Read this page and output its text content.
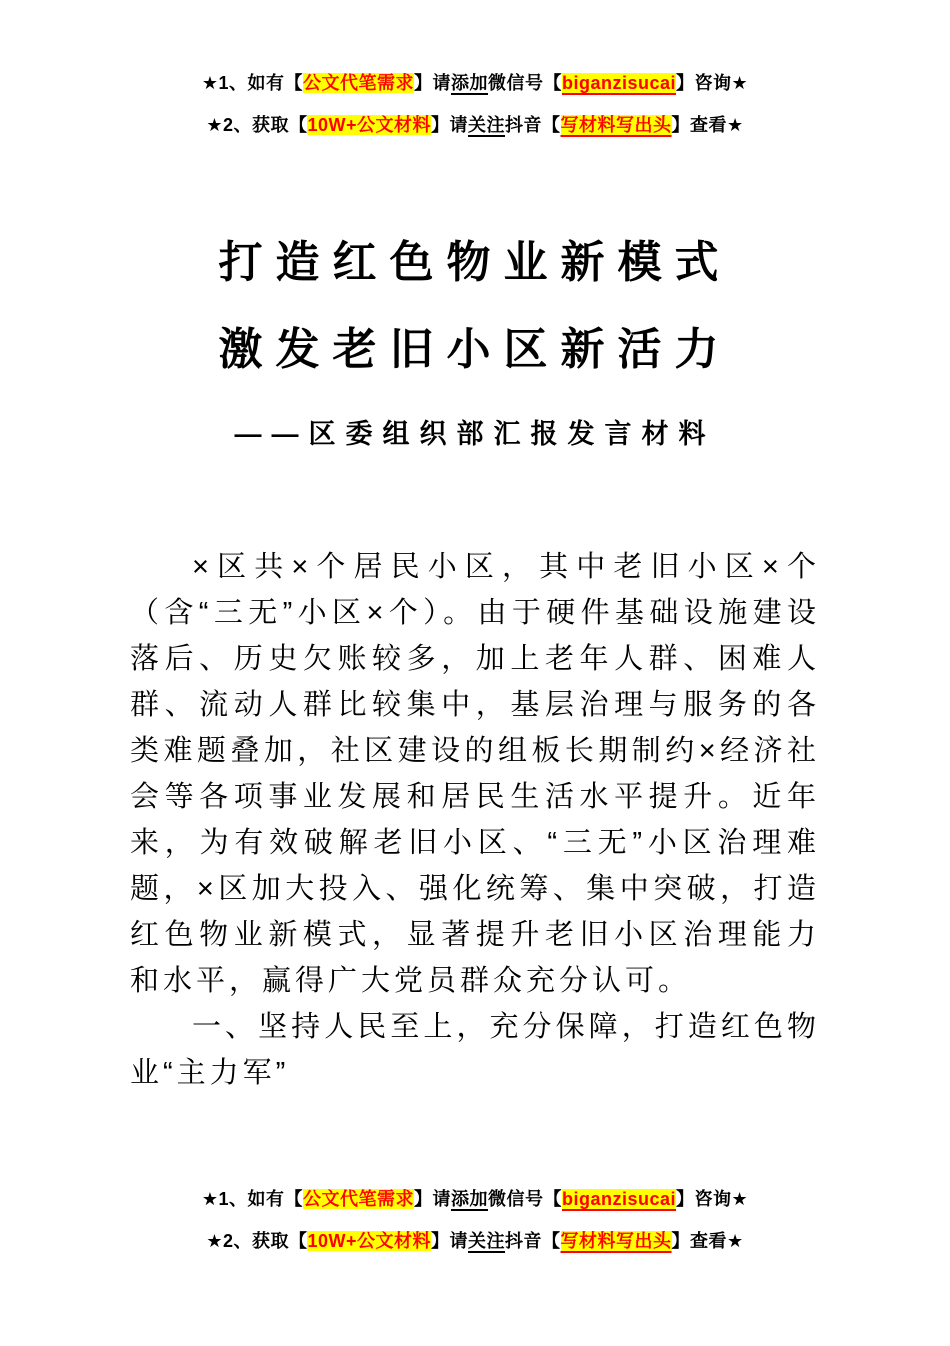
★1、如有【公文代笔需求】请添加微信号【biganzisucai】咨询★
★2、获取【10W+公文材料】请关注抖音【写材料写出头】查看★
打造红色物业新模式
激发老旧小区新活力
——区委组织部汇报发言材料

×区共×个居民小区，其中老旧小区×个（含“三无”小区×个）。由于硬件基础设施建设落后、历史欠账较多，加上老年人群、困难人群、流动人群比较集中，基层治理与服务的各类难题叠加，社区建设的组板长期制约×经济社会等各项事业发展和居民生活水平提升。近年来，为有效破解老旧小区、“三无”小区治理难题，×区加大投入、强化统筹、集中突破，打造红色物业新模式，显著提升老旧小区治理能力和水平，赢得广大党员群众充分认可。

一、坚持人民至上，充分保障，打造红色物业“主力军”

★1、如有【公文代笔需求】请添加微信号【biganzisucai】咨询★
★2、获取【10W+公文材料】请关注抖音【写材料写出头】查看★
